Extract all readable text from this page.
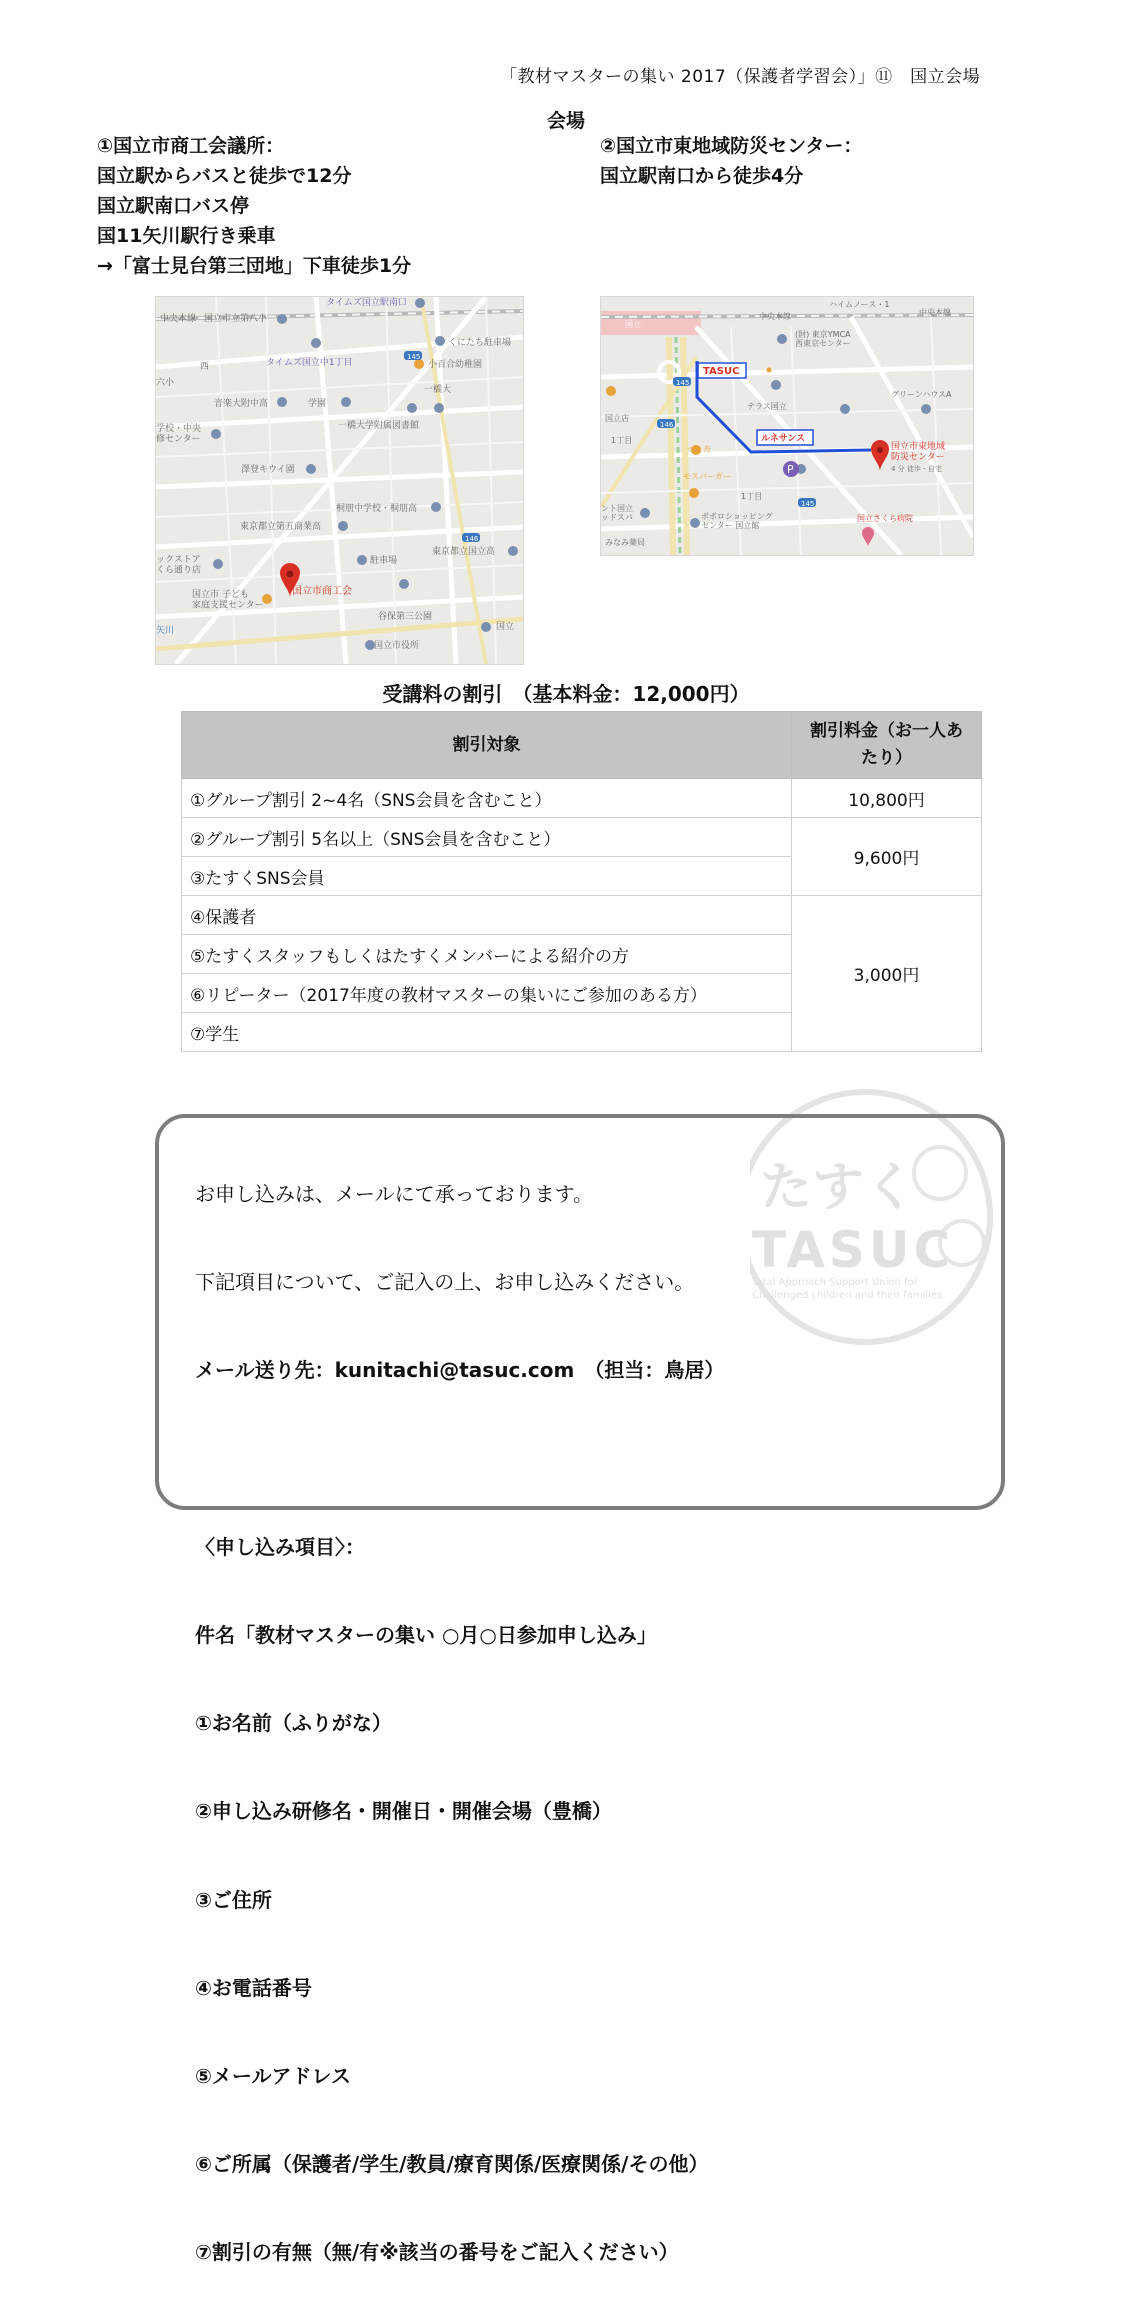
「教材マスターの集い 2017（保護者学習会）」⑪　国立会場
会場
①国立市商工会議所：
国立駅からバスと徒歩で12分
国立駅南口バス停
国11矢川駅行き乗車
→「富士見台第三団地」下車徒歩1分
②国立市東地域防災センター：
国立駅南口から徒歩4分
145
146
タイムズ国立駅南口
中央本線 国立市立第八小
くにたち駐車場
西	タイムズ国立中1丁目	小百合幼稚園
一橋大
六小
音楽大附中高	学園
一橋大学附属図書館
学校・中央修センター
澤登キウイ園
桐朋中学校・桐朋高
東京都立第五商業高
東京都立国立高
駐車場
ックストアくら通り店
国立市 子ども家庭支援センター
谷保第三公園
矢川
国立市役所
国立
国立市商工会
P
145
146
145
TASUC
ルネサンス
中央本線	中央本線
ハイムノース・1
国立
(財) 東京YMCA 西東京センター
テラス国立
グリーンハウスA
国立店
1丁目
1丁目
つり舟
モスバーガー
ポポロショッピングセンター 国立館
国立さくら病院
ント国立ッドスパ
みなみ薬局
国立市東地域防災センター
4 分 徒歩 - 自宅
受講料の割引　（基本料金：12,000円）
割引対象	割引料金（お一人あ
たり）

①グループ割引 2~4名（SNS会員を含むこと）	10,800円
②グループ割引 5名以上（SNS会員を含むこと）	9,600円
③たすくSNS会員	
④保護者	3,000円
⑤たすくスタッフもしくはたすくメンバーによる紹介の方	
⑥リピーター（2017年度の教材マスターの集いにご参加のある方）	
⑦学生	
たすく
TASUC
Total Approach Support Union for
Challenged children and their families

お申し込みは、メールにて承っております。

下記項目について、ご記入の上、お申し込みください。

メール送り先：kunitachi@tasuc.com　（担当：鳥居）

〈申し込み項目〉：

件名「教材マスターの集い ○月○日参加申し込み」

①お名前（ふりがな）

②申し込み研修名・開催日・開催会場（豊橋）

③ご住所

④お電話番号

⑤メールアドレス

⑥ご所属（保護者/学生/教員/療育関係/医療関係/その他）

⑦割引の有無（無/有※該当の番号をご記入ください）
